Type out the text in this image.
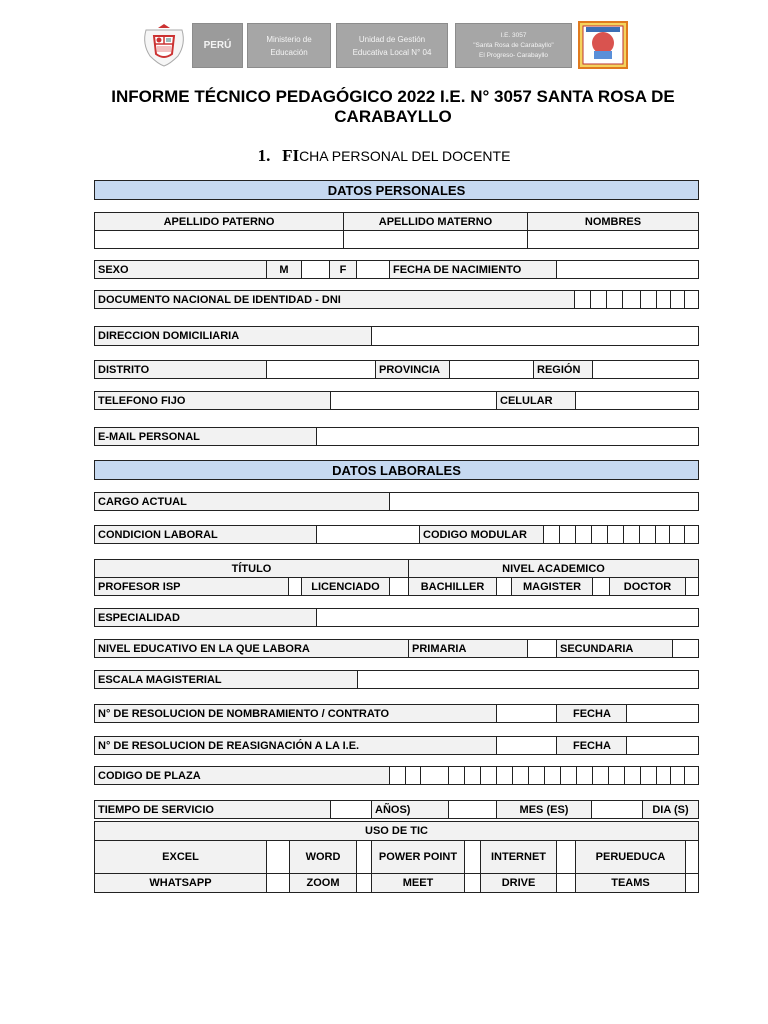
PERÚ
Ministerio de
Educación
Unidad de Gestión
Educativa Local N° 04
I.E. 3057
"Santa Rosa de Carabayllo"
El Progreso- Carabayllo
INFORME TÉCNICO PEDAGÓGICO 2022 I.E. N° 3057 SANTA ROSA DE
CARABAYLLO
1. FICHA PERSONAL DEL DOCENTE
DATOS PERSONALES
APELLIDO PATERNO	APELLIDO MATERNO	NOMBRES
SEXO	M	F	FECHA DE NACIMIENTO
DOCUMENTO NACIONAL DE IDENTIDAD - DNI
DIRECCION DOMICILIARIA
DISTRITO	PROVINCIA	REGIÓN
TELEFONO FIJO	CELULAR
E-MAIL PERSONAL
DATOS LABORALES
CARGO ACTUAL
CONDICION LABORAL	CODIGO MODULAR
TÍTULO	NIVEL ACADEMICO
PROFESOR ISP	LICENCIADO	BACHILLER	MAGISTER	DOCTOR
ESPECIALIDAD
NIVEL EDUCATIVO EN LA QUE LABORA	PRIMARIA	SECUNDARIA
ESCALA MAGISTERIAL
N° DE RESOLUCION DE NOMBRAMIENTO / CONTRATO	FECHA
N° DE RESOLUCION DE REASIGNACIÓN A LA I.E.	FECHA
CODIGO DE PLAZA
TIEMPO DE SERVICIO	AÑOS)	MES (ES)	DIA (S)
USO DE TIC
EXCEL	WORD	POWER POINT	INTERNET	PERUEDUCA
WHATSAPP	ZOOM	MEET	DRIVE	TEAMS
